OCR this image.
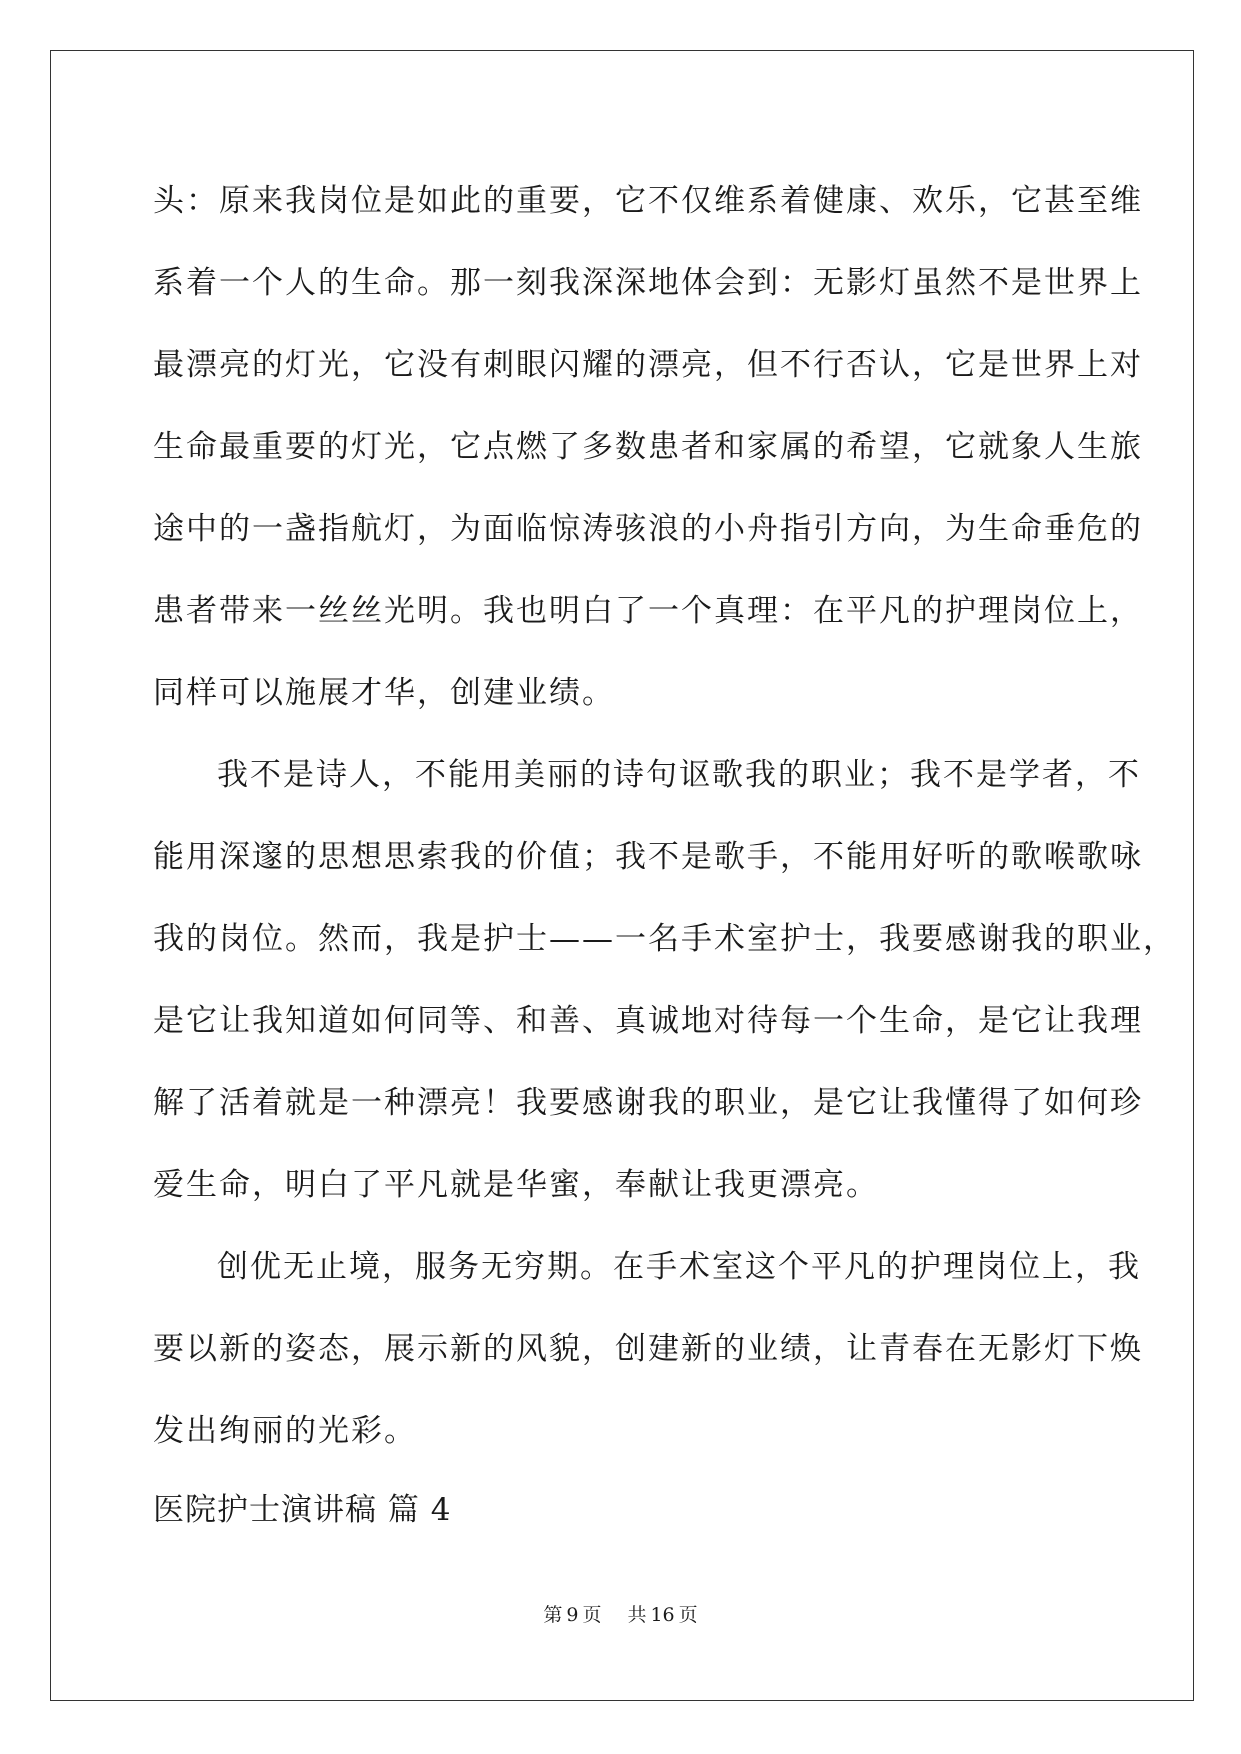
头：原来我岗位是如此的重要，它不仅维系着健康、欢乐，它甚至维
系着一个人的生命。那一刻我深深地体会到：无影灯虽然不是世界上
最漂亮的灯光，它没有刺眼闪耀的漂亮，但不行否认，它是世界上对
生命最重要的灯光，它点燃了多数患者和家属的希望，它就象人生旅
途中的一盏指航灯，为面临惊涛骇浪的小舟指引方向，为生命垂危的
患者带来一丝丝光明。我也明白了一个真理：在平凡的护理岗位上，
同样可以施展才华，创建业绩。
我不是诗人，不能用美丽的诗句讴歌我的职业；我不是学者，不
能用深邃的思想思索我的价值；我不是歌手，不能用好听的歌喉歌咏
我的岗位。然而，我是护士——一名手术室护士，我要感谢我的职业，
是它让我知道如何同等、和善、真诚地对待每一个生命，是它让我理
解了活着就是一种漂亮！我要感谢我的职业，是它让我懂得了如何珍
爱生命，明白了平凡就是华蜜，奉献让我更漂亮。
创优无止境，服务无穷期。在手术室这个平凡的护理岗位上，我
要以新的姿态，展示新的风貌，创建新的业绩，让青春在无影灯下焕
发出绚丽的光彩。
医院护士演讲稿 篇 4
第 9 页 共 16 页
